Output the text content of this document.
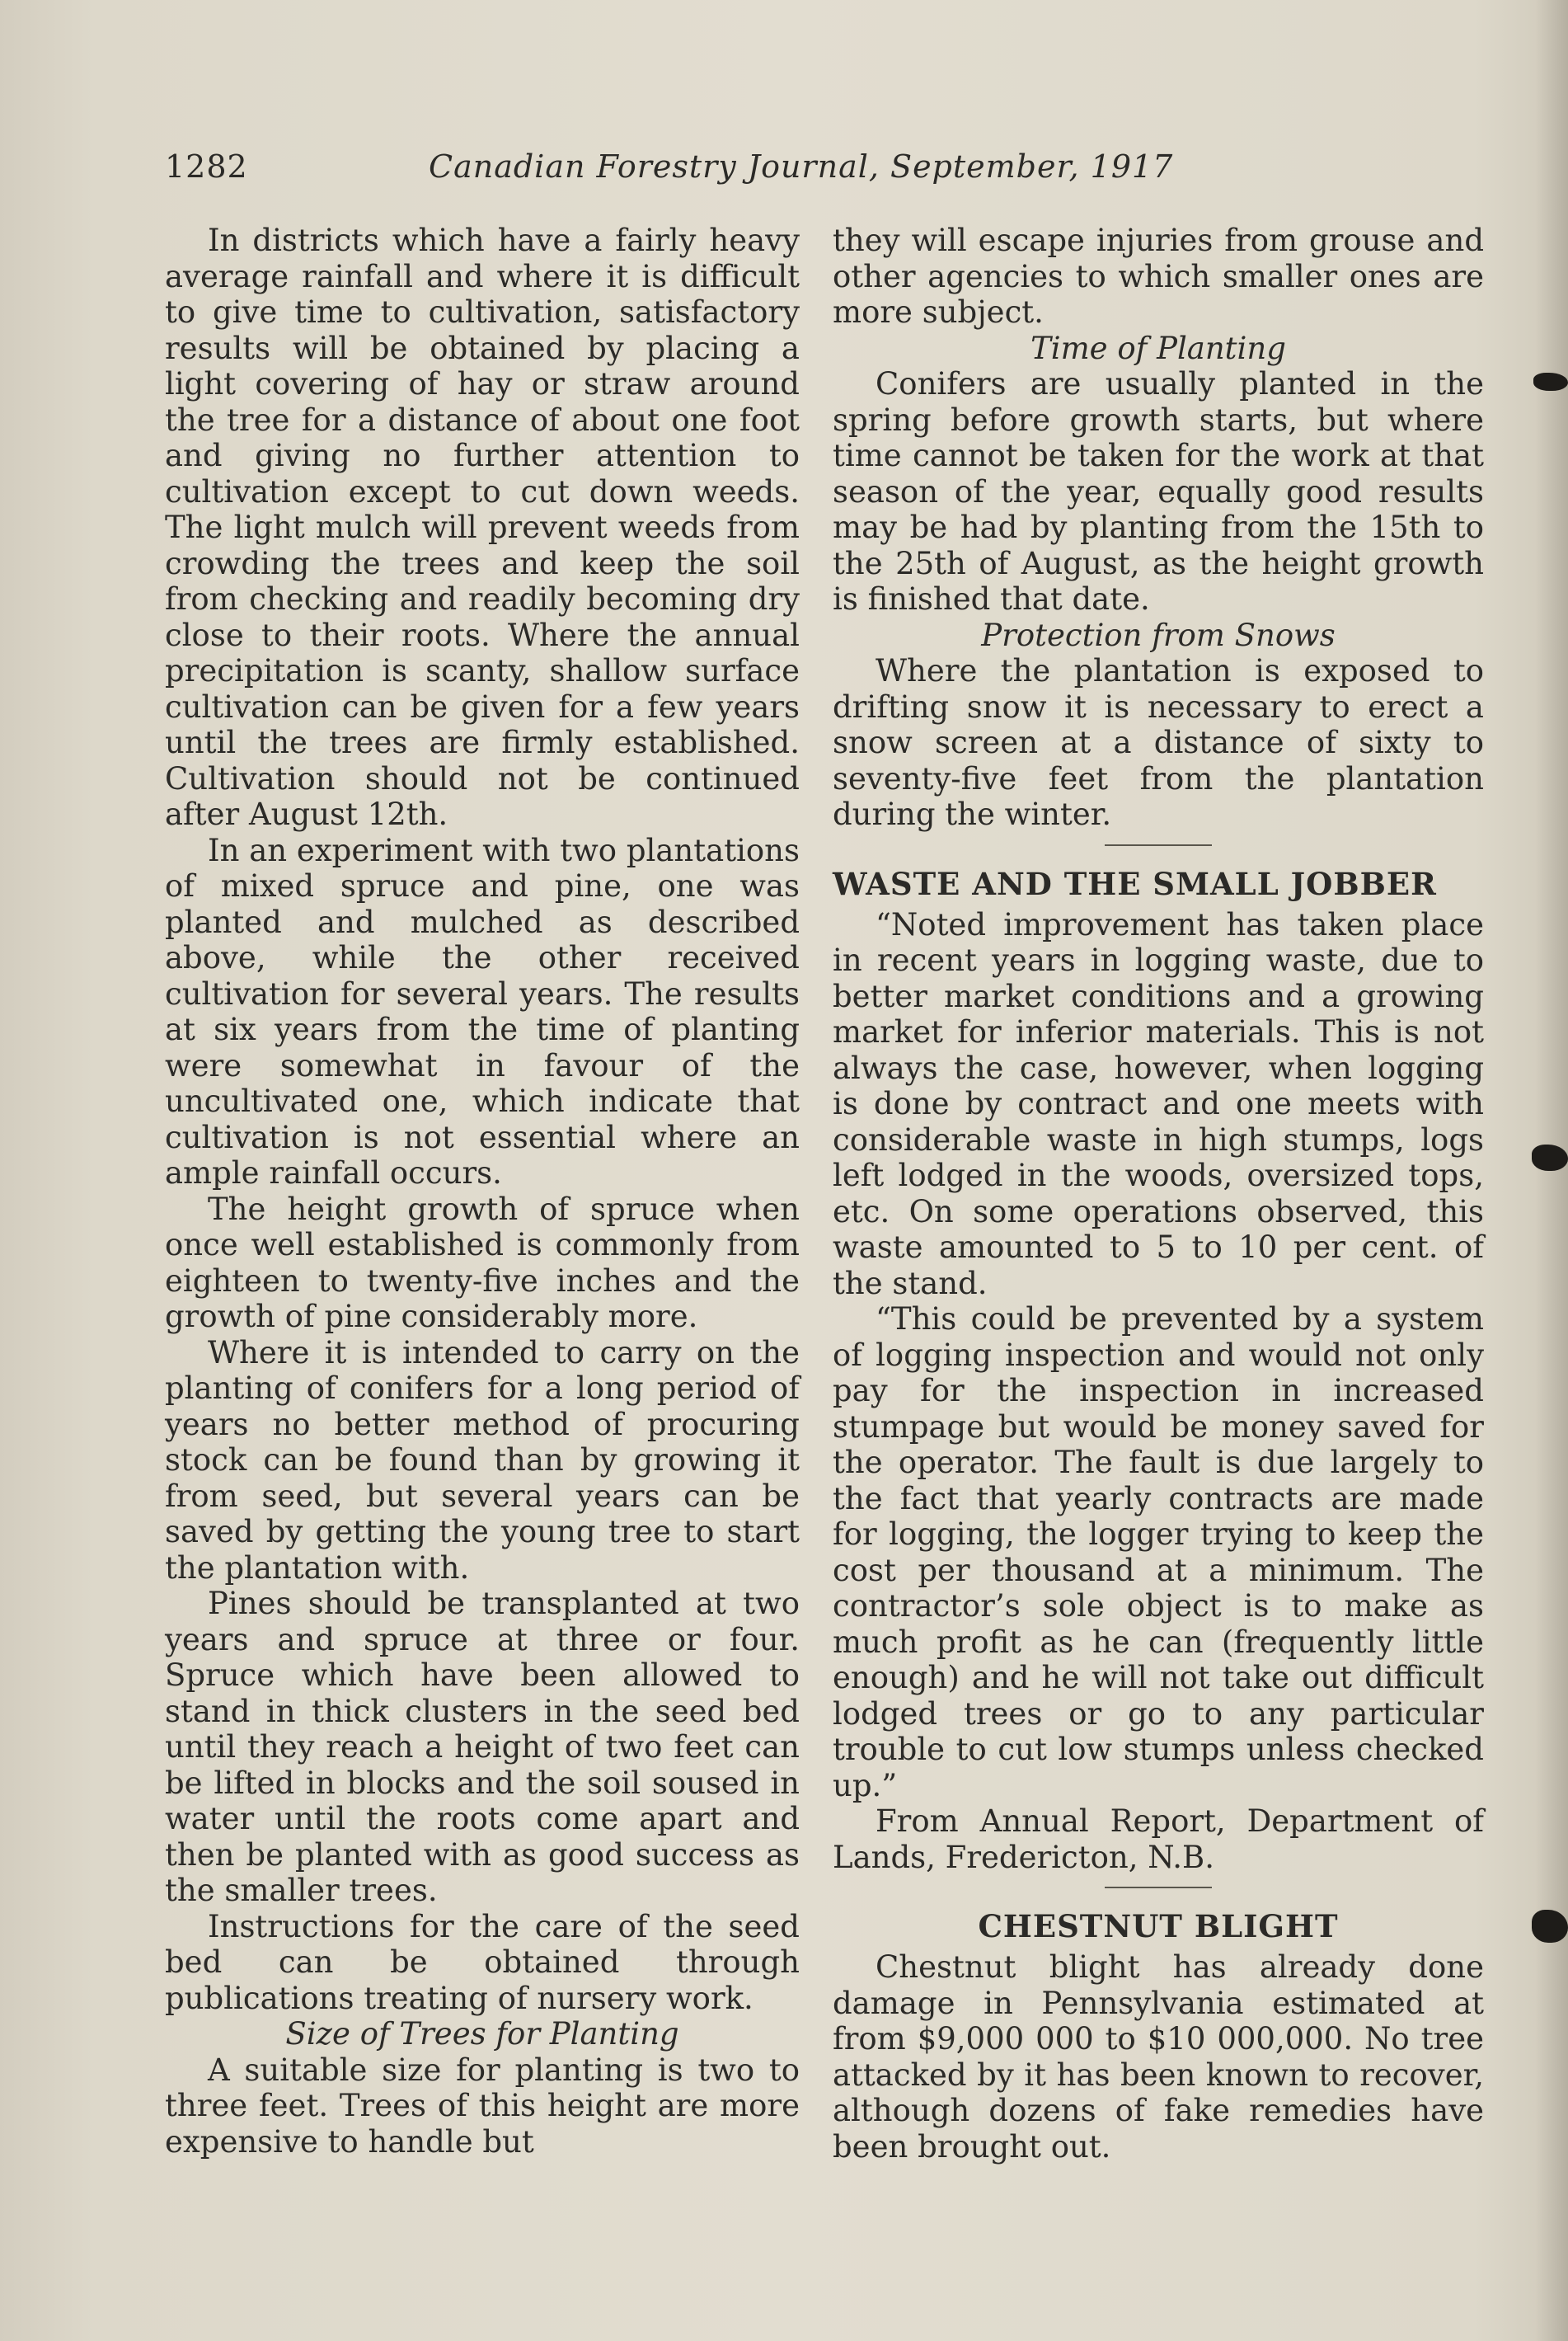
1282	Canadian Forestry Journal, September, 1917

In districts which have a fairly heavy average rainfall and where it is difficult to give time to cultivation, satisfactory results will be obtained by placing a light covering of hay or straw around the tree for a distance of about one foot and giving no further attention to cultivation except to cut down weeds. The light mulch will prevent weeds from crowding the trees and keep the soil from checking and readily becoming dry close to their roots. Where the annual precipitation is scanty, shallow surface cultivation can be given for a few years until the trees are firmly established. Cultivation should not be continued after August 12th.

In an experiment with two plantations of mixed spruce and pine, one was planted and mulched as described above, while the other received cultivation for several years. The results at six years from the time of planting were somewhat in favour of the uncultivated one, which indicate that cultivation is not essential where an ample rainfall occurs.

The height growth of spruce when once well established is commonly from eighteen to twenty-five inches and the growth of pine considerably more.

Where it is intended to carry on the planting of conifers for a long period of years no better method of procuring stock can be found than by growing it from seed, but several years can be saved by getting the young tree to start the plantation with.

Pines should be transplanted at two years and spruce at three or four. Spruce which have been allowed to stand in thick clusters in the seed bed until they reach a height of two feet can be lifted in blocks and the soil soused in water until the roots come apart and then be planted with as good success as the smaller trees.

Instructions for the care of the seed bed can be obtained through publications treating of nursery work.

Size of Trees for Planting

A suitable size for planting is two to three feet. Trees of this height are more expensive to handle but

they will escape injuries from grouse and other agencies to which smaller ones are more subject.

Time of Planting

Conifers are usually planted in the spring before growth starts, but where time cannot be taken for the work at that season of the year, equally good results may be had by planting from the 15th to the 25th of August, as the height growth is finished that date.

Protection from Snows

Where the plantation is exposed to drifting snow it is necessary to erect a snow screen at a distance of sixty to seventy-five feet from the plantation during the winter.

WASTE AND THE SMALL JOBBER

“Noted improvement has taken place in recent years in logging waste, due to better market conditions and a growing market for inferior materials. This is not always the case, however, when logging is done by contract and one meets with considerable waste in high stumps, logs left lodged in the woods, oversized tops, etc. On some operations observed, this waste amounted to 5 to 10 per cent. of the stand.

“This could be prevented by a system of logging inspection and would not only pay for the inspection in increased stumpage but would be money saved for the operator. The fault is due largely to the fact that yearly contracts are made for logging, the logger trying to keep the cost per thousand at a minimum. The contractor’s sole object is to make as much profit as he can (frequently little enough) and he will not take out difficult lodged trees or go to any particular trouble to cut low stumps unless checked up.”

From Annual Report, Department of Lands, Fredericton, N.B.

CHESTNUT BLIGHT

Chestnut blight has already done damage in Pennsylvania estimated at from $9,000 000 to $10 000,000. No tree attacked by it has been known to recover, although dozens of fake remedies have been brought out.
